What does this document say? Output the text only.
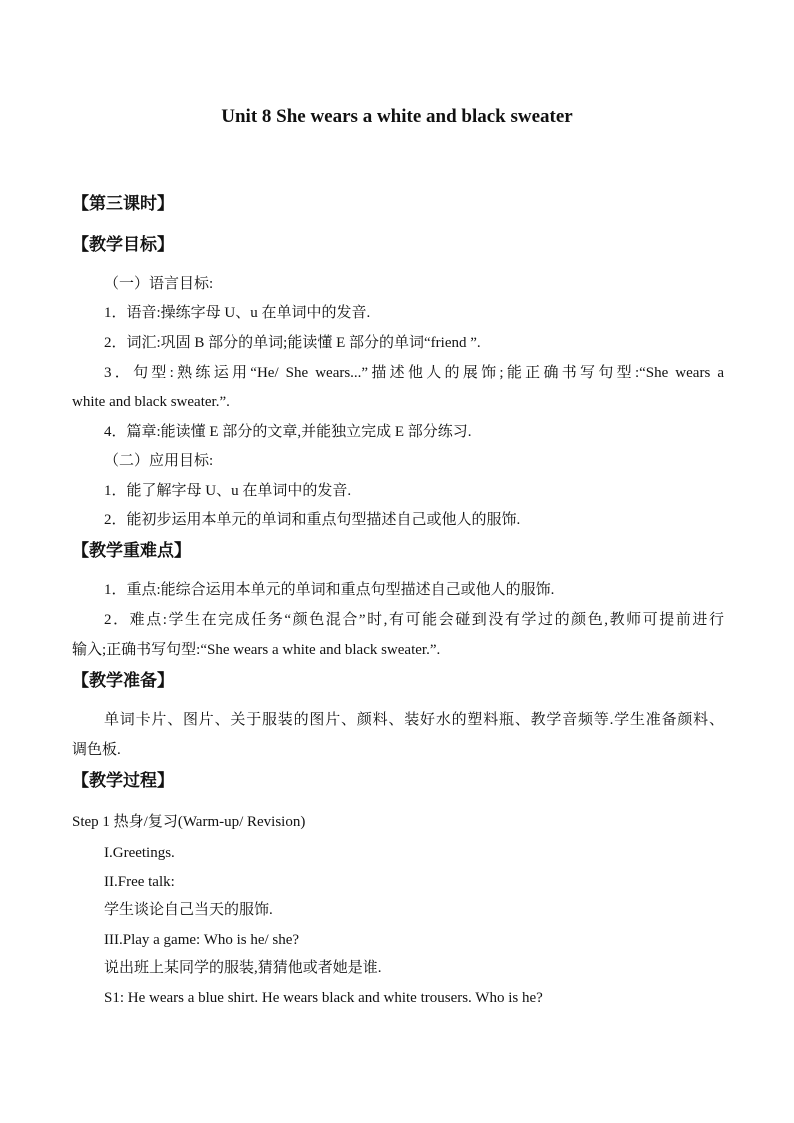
Unit 8 She wears a white and black sweater
【第三课时】
【教学目标】
（一）语言目标:
1．语音:操练字母 U、u 在单词中的发音.
2．词汇:巩固 B 部分的单词;能读懂 E 部分的单词“friend ”.
3．句型:熟练运用“He/ She wears...”描述他人的展饰;能正确书写句型:“She wears a
white and black sweater.”.
4．篇章:能读懂 E 部分的文章,并能独立完成 E 部分练习.
（二）应用目标:
1．能了解字母 U、u 在单词中的发音.
2．能初步运用本单元的单词和重点句型描述自己或他人的服饰.
【教学重难点】
1．重点:能综合运用本单元的单词和重点句型描述自己或他人的服饰.
2．难点:学生在完成任务“颜色混合”时,有可能会碰到没有学过的颜色,教师可提前进行
输入;正确书写句型:“She wears a white and black sweater.”.
【教学准备】
单词卡片、图片、关于服装的图片、颜料、装好水的塑料瓶、教学音频等.学生准备颜料、
调色板.
【教学过程】
Step 1 热身/复习(Warm-up/ Revision)
I.Greetings.
II.Free talk:
学生谈论自己当天的服饰.
III.Play a game: Who is he/ she?
说出班上某同学的服装,猜猜他或者她是谁.
S1: He wears a blue shirt. He wears black and white trousers. Who is he?
